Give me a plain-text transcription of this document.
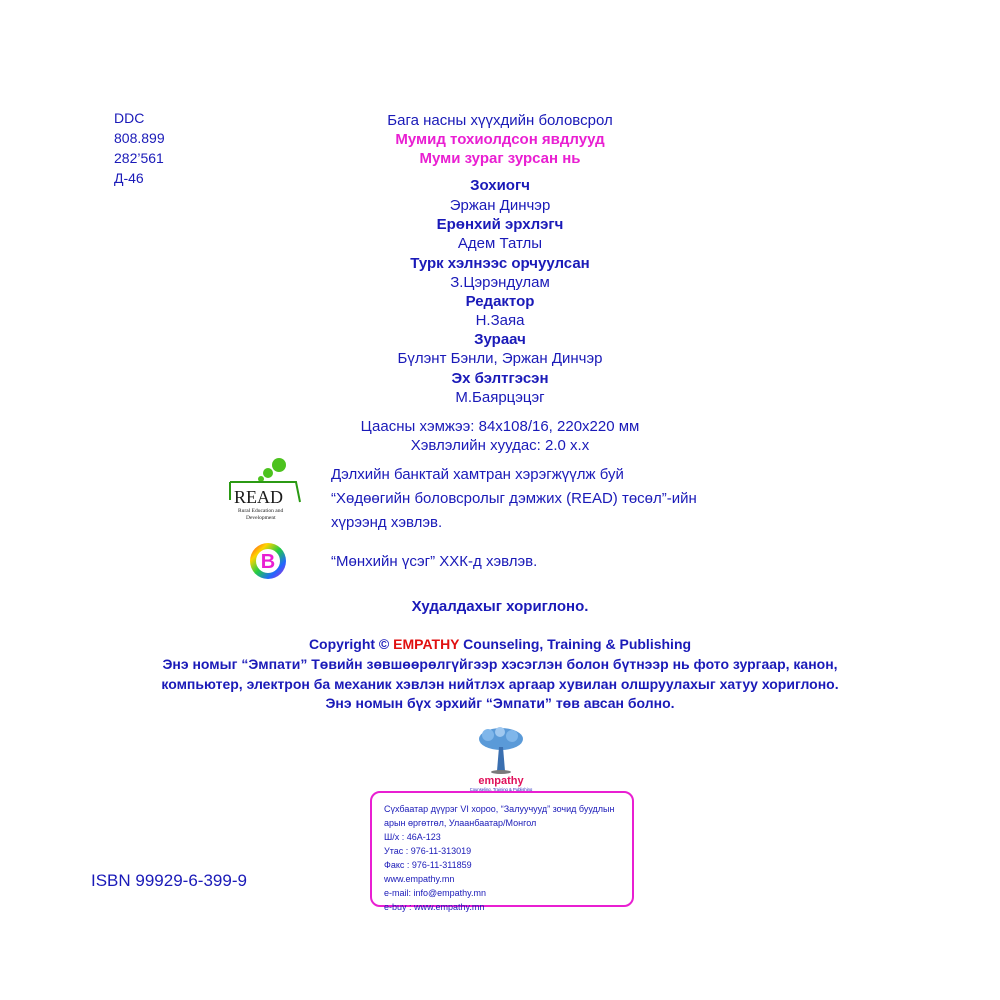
DDC
808.899
282’561
Д-46
Бага насны хүүхдийн боловсрол
Мумид тохиолдсон явдлууд
Муми зураг зурсан нь
Зохиогч
Эржан Динчэр
Ерөнхий эрхлэгч
Адем Татлы
Турк хэлнээс орчуулсан
З.Цэрэндулам
Редактор
Н.Заяа
Зураач
Бүлэнт Бэнли, Эржан Динчэр
Эх бэлтгэсэн
М.Баярцэцэг
Цаасны хэмжээ: 84х108/16, 220х220 мм
Хэвлэлийн хуудас: 2.0 х.х
READ
Rural Education and
Development
Дэлхийн банктай хамтран хэрэгжүүлж буй
“Хөдөөгийн боловсролыг дэмжих (READ) төсөл”-ийн
хүрээнд хэвлэв.
B	“Мөнхийн үсэг” ХХК-д хэвлэв.
Худалдахыг хориглоно.
Copyright © EMPATHY Counseling, Training & Publishing
Энэ номыг “Эмпати” Төвийн зөвшөөрөлгүйгээр хэсэглэн болон бүтнээр нь фото зургаар, канон,
компьютер, электрон ба механик хэвлэн нийтлэх аргаар хувилан олшруулахыг хатуу хориглоно.
Энэ номын бүх эрхийг “Эмпати” төв авсан болно.
empathy
Counseling, Training & Publishing
Сүхбаатар дүүрэг VI хороо, “Залуучууд” зочид буудлын
арын өргөтгөл, Улаанбаатар/Монгол
Ш/х : 46А-123
Утас : 976-11-313019
Факс : 976-11-311859
www.empathy.mn
e-mail: info@empathy.mn
e-buy : www.empathy.mn
ISBN 99929-6-399-9
